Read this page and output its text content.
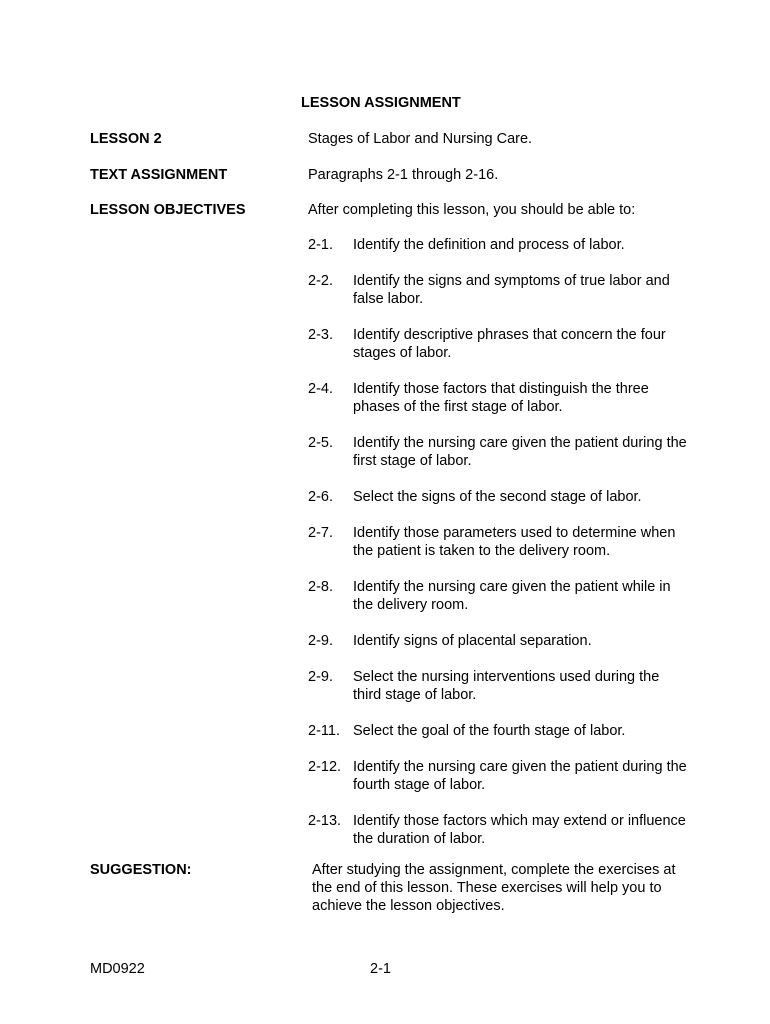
LESSON ASSIGNMENT
LESSON 2	Stages of Labor and Nursing Care.
TEXT ASSIGNMENT	Paragraphs 2-1 through 2-16.
LESSON OBJECTIVES	After completing this lesson, you should be able to:
2-1. Identify the definition and process of labor.
2-2. Identify the signs and symptoms of true labor and false labor.
2-3. Identify descriptive phrases that concern the four stages of labor.
2-4. Identify those factors that distinguish the three phases of the first stage of labor.
2-5. Identify the nursing care given the patient during the first stage of labor.
2-6. Select the signs of the second stage of labor.
2-7. Identify those parameters used to determine when the patient is taken to the delivery room.
2-8. Identify the nursing care given the patient while in the delivery room.
2-9. Identify signs of placental separation.
2-9. Select the nursing interventions used during the third stage of labor.
2-11. Select the goal of the fourth stage of labor.
2-12. Identify the nursing care given the patient during the fourth stage of labor.
2-13. Identify those factors which may extend or influence the duration of labor.
SUGGESTION:	After studying the assignment, complete the exercises at the end of this lesson. These exercises will help you to achieve the lesson objectives.
MD0922	2-1
